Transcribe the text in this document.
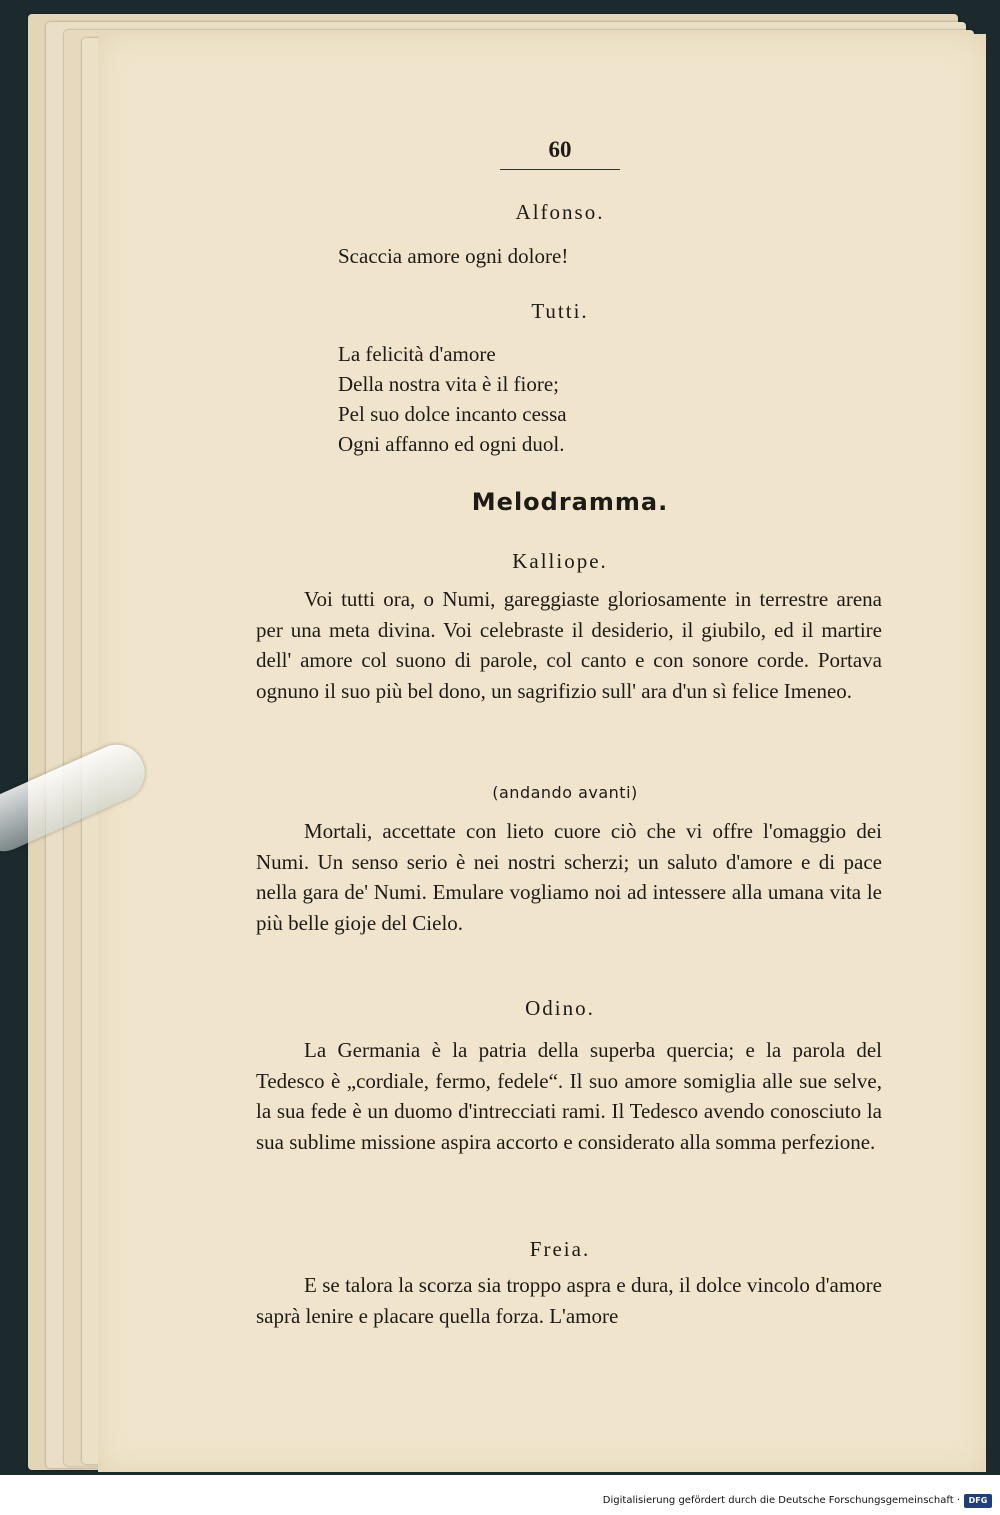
60
Alfonso.
Scaccia amore ogni dolore!
Tutti.
La felicità d'amore
Della nostra vita è il fiore;
Pel suo dolce incanto cessa
Ogni affanno ed ogni duol.
Melodramma.
Kalliope.
Voi tutti ora, o Numi, gareggiaste gloriosamente in terrestre arena per una meta divina. Voi celebraste il desiderio, il giubilo, ed il martire dell' amore col suono di parole, col canto e con sonore corde. Portava ognuno il suo più bel dono, un sagrifizio sull' ara d'un sì felice Imeneo.
(andando avanti)
Mortali, accettate con lieto cuore ciò che vi offre l'omaggio dei Numi. Un senso serio è nei nostri scherzi; un saluto d'amore e di pace nella gara de' Numi. Emulare vogliamo noi ad intessere alla umana vita le più belle gioje del Cielo.
Odino.
La Germania è la patria della superba quercia; e la parola del Tedesco è „cordiale, fermo, fedele“. Il suo amore somiglia alle sue selve, la sua fede è un duomo d'intrecciati rami. Il Tedesco avendo conosciuto la sua sublime missione aspira accorto e considerato alla somma perfezione.
Freia.
E se talora la scorza sia troppo aspra e dura, il dolce vincolo d'amore saprà lenire e placare quella forza. L'amore
Digitalisierung gefördert durch die Deutsche Forschungsgemeinschaft ·	DFG
